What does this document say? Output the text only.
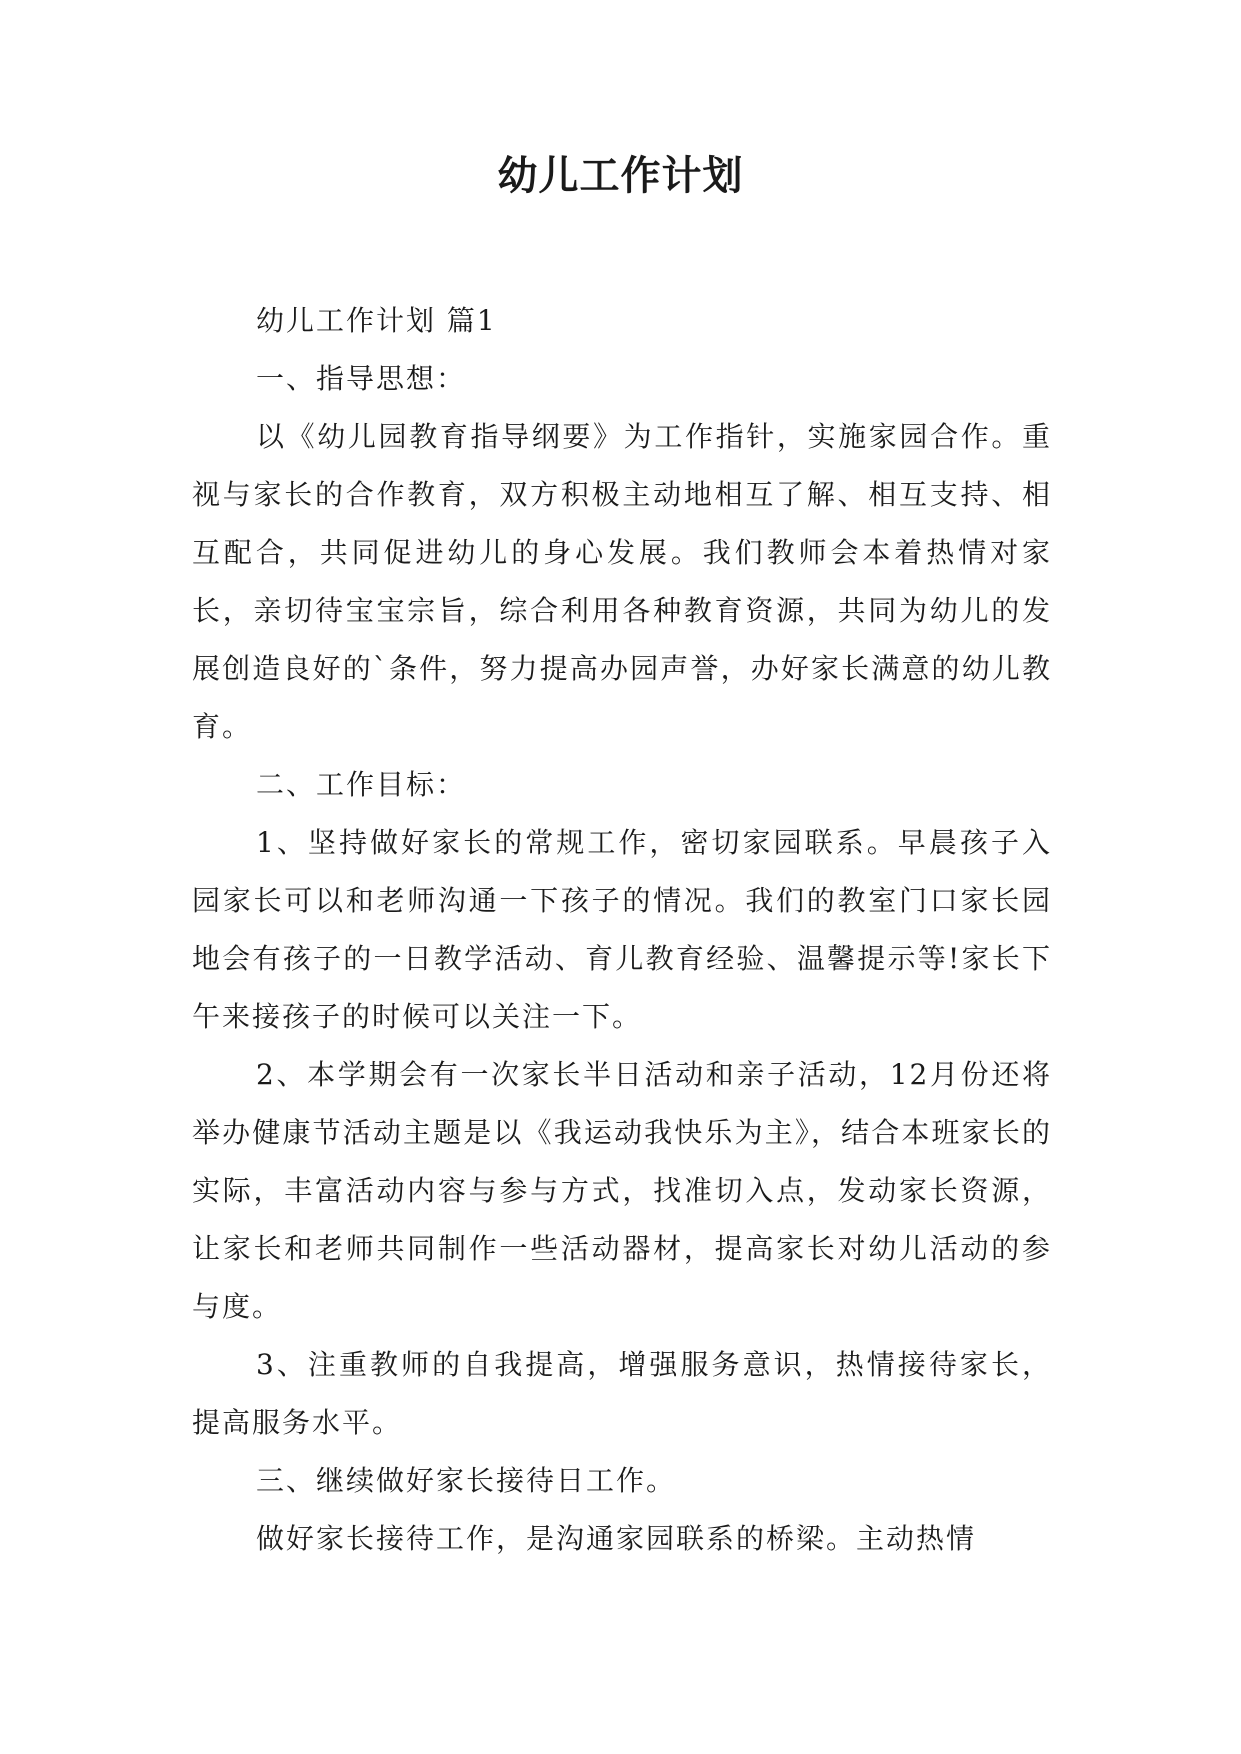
幼儿工作计划

幼儿工作计划 篇1

一、指导思想：

以《幼儿园教育指导纲要》为工作指针，实施家园合作。重视与家长的合作教育，双方积极主动地相互了解、相互支持、相互配合，共同促进幼儿的身心发展。我们教师会本着热情对家长，亲切待宝宝宗旨，综合利用各种教育资源，共同为幼儿的发展创造良好的`条件，努力提高办园声誉，办好家长满意的幼儿教育。

二、工作目标：

1、坚持做好家长的常规工作，密切家园联系。早晨孩子入园家长可以和老师沟通一下孩子的情况。我们的教室门口家长园地会有孩子的一日教学活动、育儿教育经验、温馨提示等!家长下午来接孩子的时候可以关注一下。

2、本学期会有一次家长半日活动和亲子活动，12月份还将举办健康节活动主题是以《我运动我快乐为主》，结合本班家长的实际，丰富活动内容与参与方式，找准切入点，发动家长资源，让家长和老师共同制作一些活动器材，提高家长对幼儿活动的参与度。

3、注重教师的自我提高，增强服务意识，热情接待家长，提高服务水平。

三、继续做好家长接待日工作。

做好家长接待工作，是沟通家园联系的桥梁。主动热情
